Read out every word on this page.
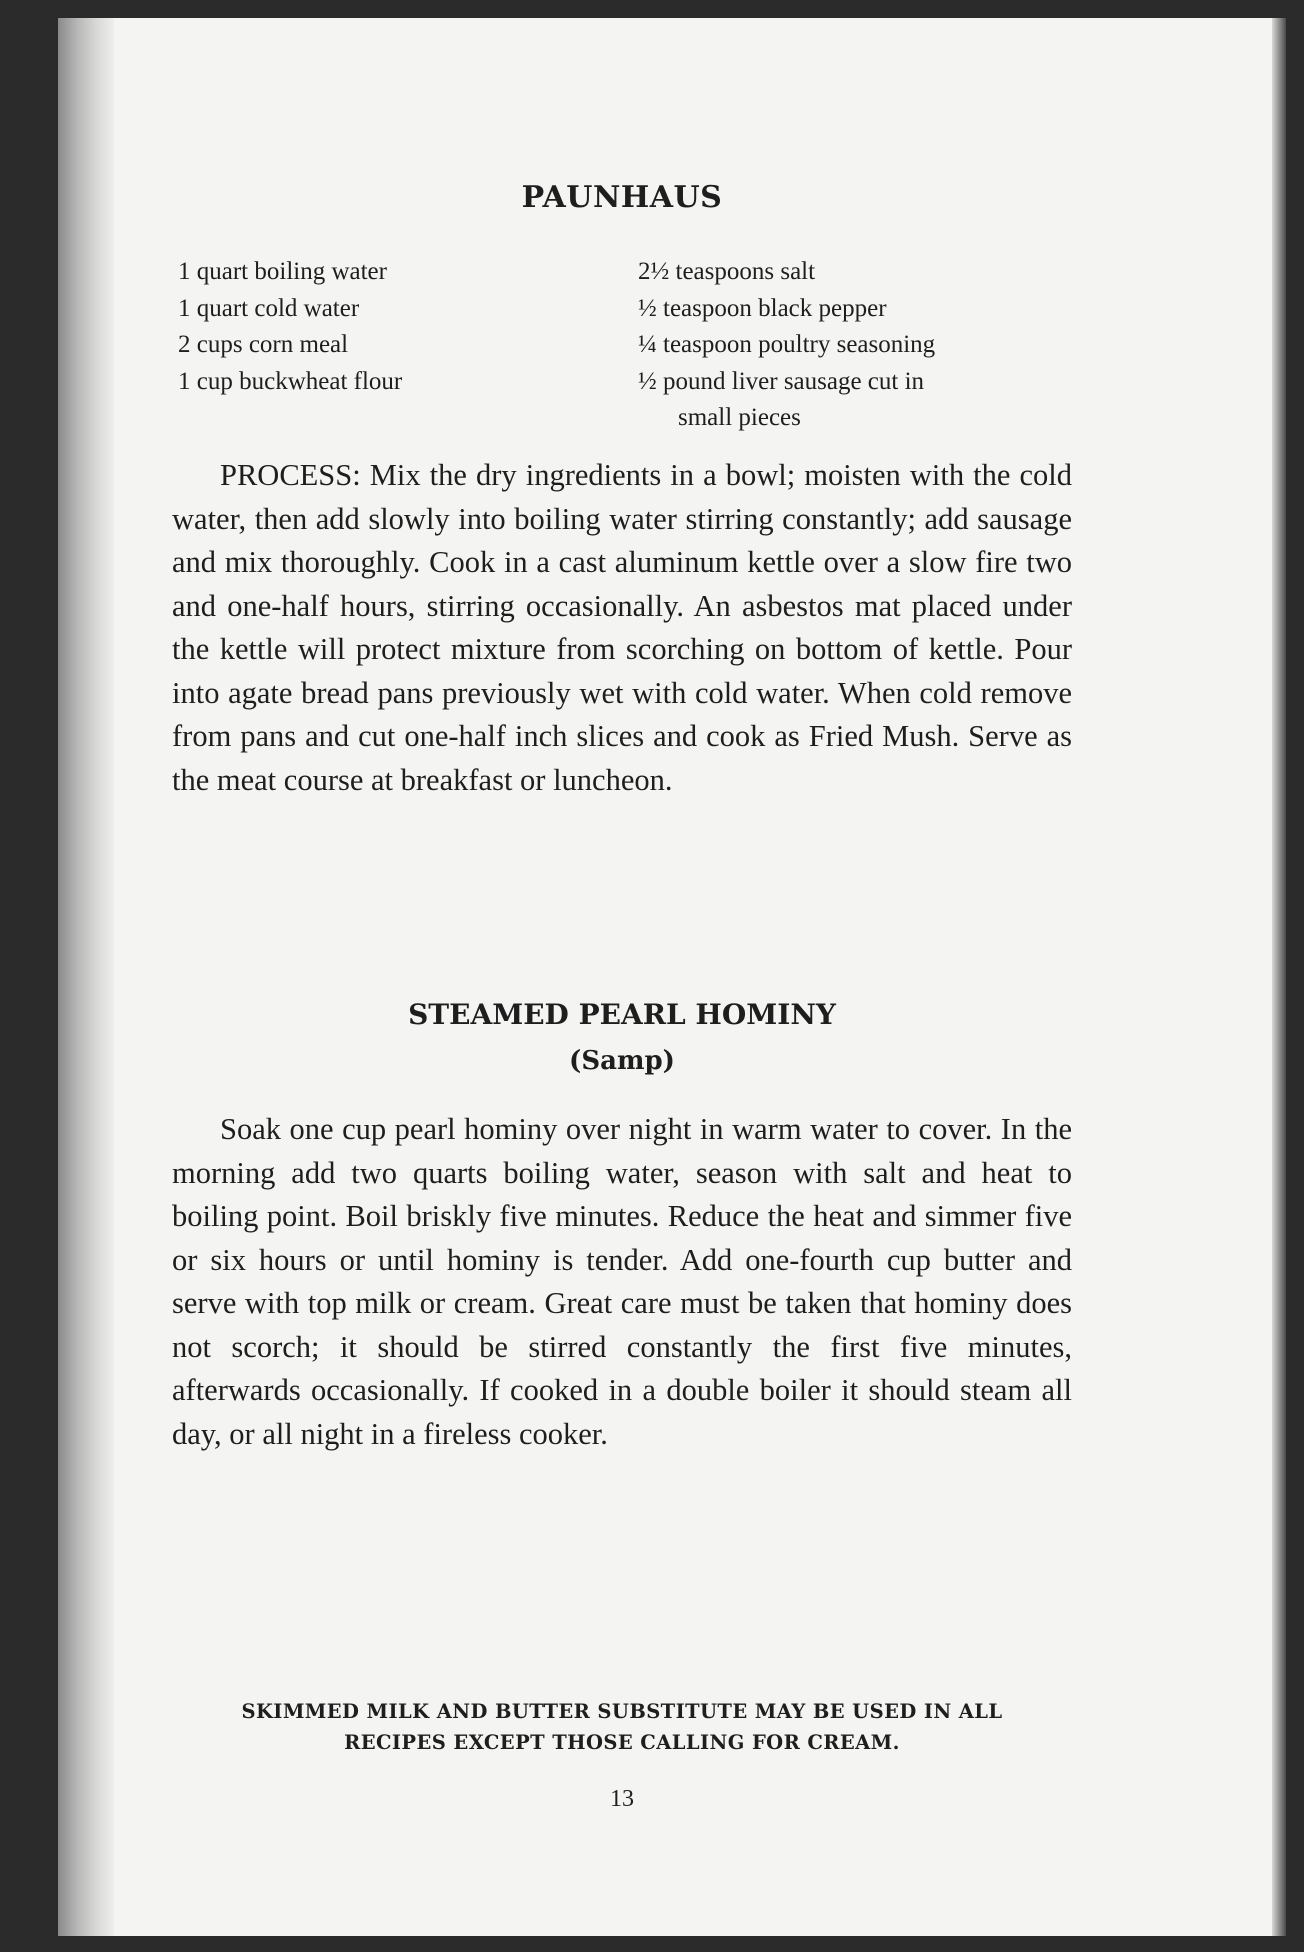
PAUNHAUS
1 quart boiling water
1 quart cold water
2 cups corn meal
1 cup buckwheat flour
2½ teaspoons salt
½ teaspoon black pepper
¼ teaspoon poultry seasoning
½ pound liver sausage cut in
small pieces

PROCESS: Mix the dry ingredients in a bowl; moisten with the cold water, then add slowly into boiling water stirring constantly; add sausage and mix thoroughly. Cook in a cast aluminum kettle over a slow fire two and one-half hours, stirring occasionally. An asbestos mat placed under the kettle will protect mixture from scorching on bottom of kettle. Pour into agate bread pans previously wet with cold water. When cold remove from pans and cut one-half inch slices and cook as Fried Mush. Serve as the meat course at breakfast or luncheon.

STEAMED PEARL HOMINY
(Samp)

Soak one cup pearl hominy over night in warm water to cover. In the morning add two quarts boiling water, season with salt and heat to boiling point. Boil briskly five minutes. Reduce the heat and simmer five or six hours or until hominy is tender. Add one-fourth cup butter and serve with top milk or cream. Great care must be taken that hominy does not scorch; it should be stirred constantly the first five minutes, afterwards occasionally. If cooked in a double boiler it should steam all day, or all night in a fireless cooker.

SKIMMED MILK AND BUTTER SUBSTITUTE MAY BE USED IN ALL
RECIPES EXCEPT THOSE CALLING FOR CREAM.
13
